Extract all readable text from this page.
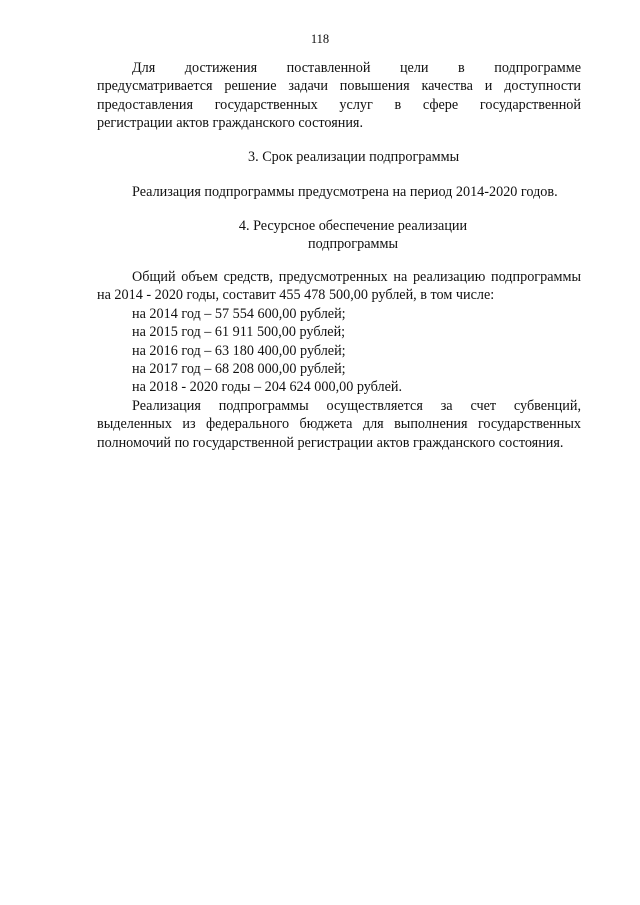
118
Для достижения поставленной цели в подпрограмме
предусматривается решение задачи повышения качества и доступности
предоставления государственных услуг в сфере государственной
регистрации актов гражданского состояния.
3. Срок реализации подпрограммы
Реализация подпрограммы предусмотрена на период 2014-2020 годов.
4. Ресурсное обеспечение реализации
подпрограммы
Общий объем средств, предусмотренных на реализацию подпрограммы
на 2014 - 2020 годы, составит 455 478 500,00 рублей, в том числе:
на 2014 год – 57 554 600,00 рублей;
на 2015 год – 61 911 500,00 рублей;
на 2016 год – 63 180 400,00 рублей;
на 2017 год – 68 208 000,00 рублей;
на 2018 - 2020 годы – 204 624 000,00 рублей.
Реализация подпрограммы осуществляется за счет субвенций,
выделенных из федерального бюджета для выполнения государственных
полномочий по государственной регистрации актов гражданского состояния.
